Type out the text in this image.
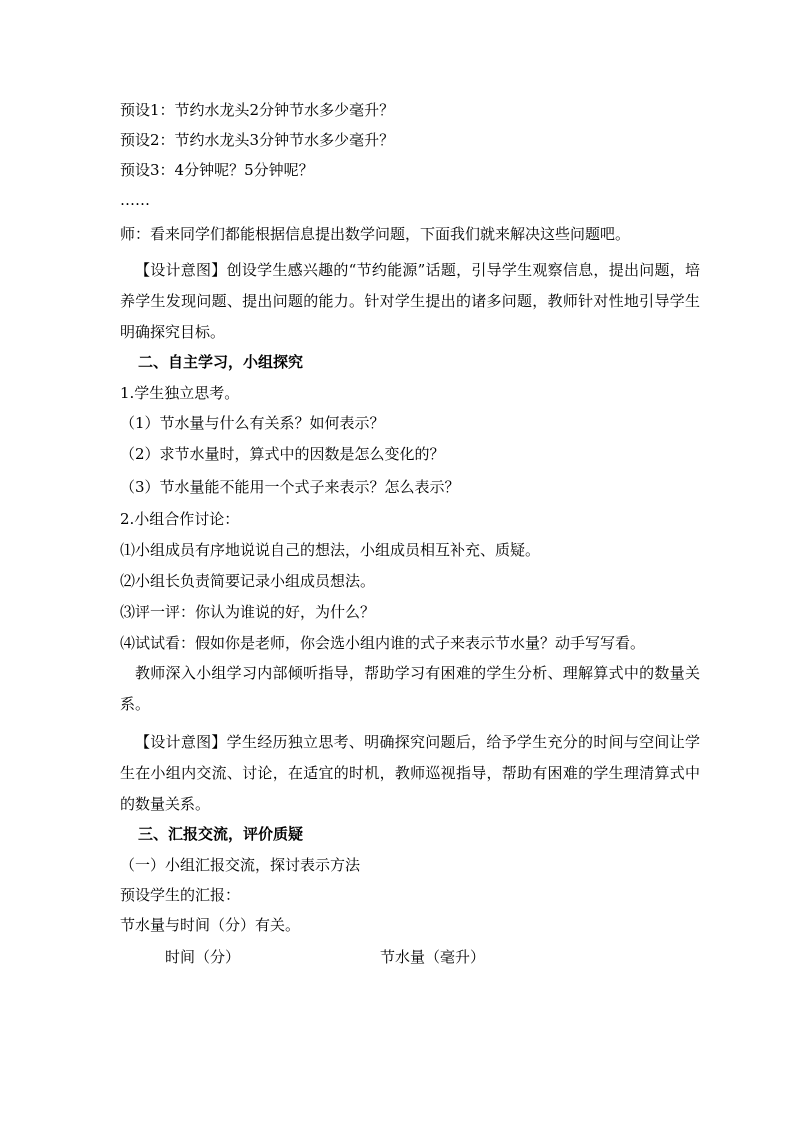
预设1：节约水龙头2分钟节水多少毫升？
预设2：节约水龙头3分钟节水多少毫升？
预设3：4分钟呢？5分钟呢？
……
师：看来同学们都能根据信息提出数学问题，下面我们就来解决这些问题吧。
【设计意图】创设学生感兴趣的“节约能源”话题，引导学生观察信息，提出问题，培养学生发现问题、提出问题的能力。针对学生提出的诸多问题，教师针对性地引导学生明确探究目标。
二、自主学习，小组探究
1.学生独立思考。
（1）节水量与什么有关系？如何表示？
（2）求节水量时，算式中的因数是怎么变化的？
（3）节水量能不能用一个式子来表示？怎么表示？
2.小组合作讨论：
⑴小组成员有序地说说自己的想法，小组成员相互补充、质疑。
⑵小组长负责简要记录小组成员想法。
⑶评一评：你认为谁说的好，为什么？
⑷试试看：假如你是老师，你会选小组内谁的式子来表示节水量？动手写写看。
教师深入小组学习内部倾听指导，帮助学习有困难的学生分析、理解算式中的数量关系。
【设计意图】学生经历独立思考、明确探究问题后，给予学生充分的时间与空间让学生在小组内交流、讨论，在适宜的时机，教师巡视指导，帮助有困难的学生理清算式中的数量关系。
三、汇报交流，评价质疑
（一）小组汇报交流，探讨表示方法
预设学生的汇报：
节水量与时间（分）有关。
时间（分）	节水量（毫升）
